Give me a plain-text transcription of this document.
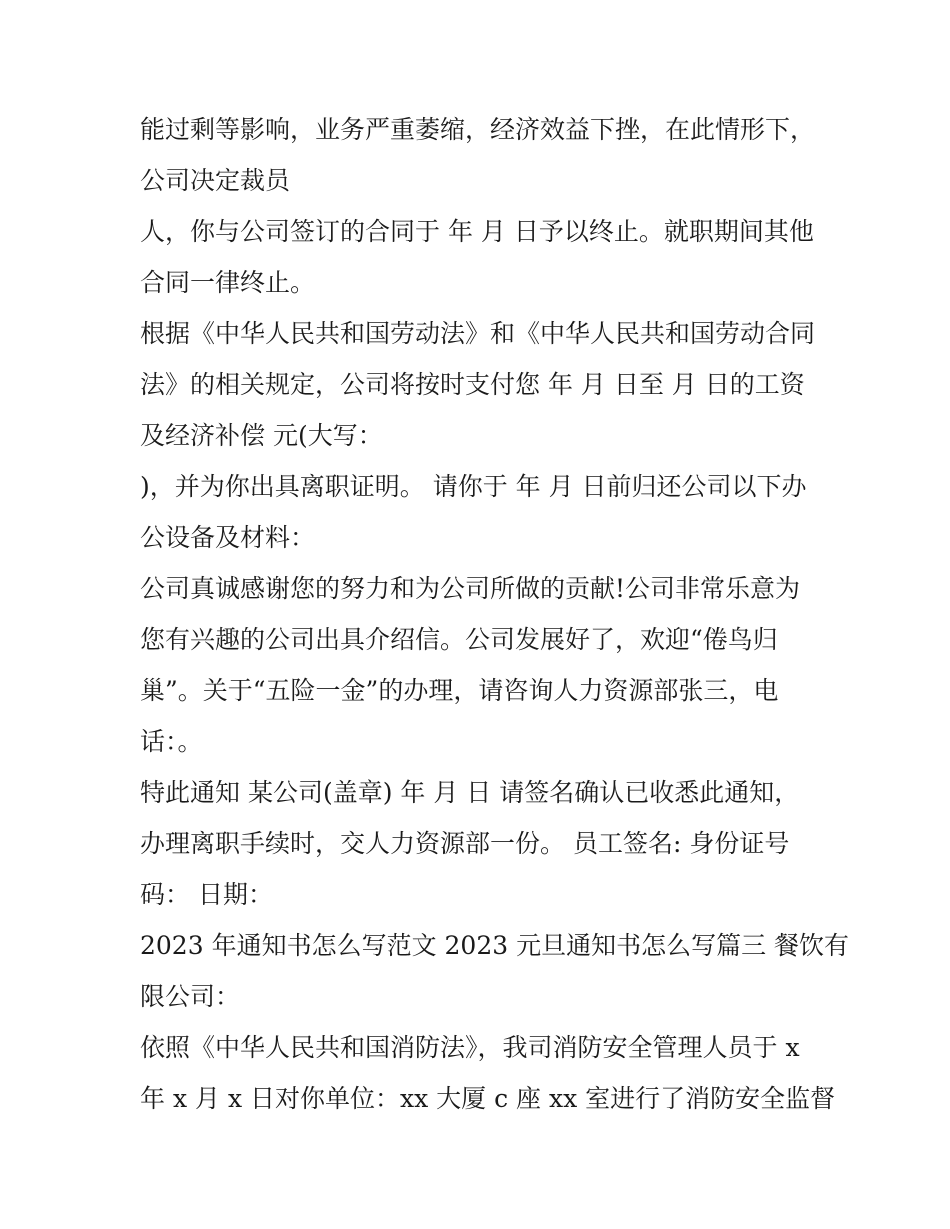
能过剩等影响，业务严重萎缩，经济效益下挫，在此情形下，
公司决定裁员
人，你与公司签订的合同于 年 月 日予以终止。就职期间其他
合同一律终止。
根据《中华人民共和国劳动法》和《中华人民共和国劳动合同
法》的相关规定，公司将按时支付您 年 月 日至 月 日的工资
及经济补偿 元(大写：
)，并为你出具离职证明。 请你于 年 月 日前归还公司以下办
公设备及材料：
公司真诚感谢您的努力和为公司所做的贡献!公司非常乐意为
您有兴趣的公司出具介绍信。公司发展好了，欢迎“倦鸟归
巢”。关于“五险一金”的办理，请咨询人力资源部张三，电
话：。
特此通知 某公司(盖章) 年 月 日 请签名确认已收悉此通知，
办理离职手续时，交人力资源部一份。 员工签名: 身份证号
码： 日期：
2023 年通知书怎么写范文 2023 元旦通知书怎么写篇三 餐饮有
限公司：
依照《中华人民共和国消防法》，我司消防安全管理人员于 x
年 x 月 x 日对你单位：xx 大厦 c 座 xx 室进行了消防安全监督
